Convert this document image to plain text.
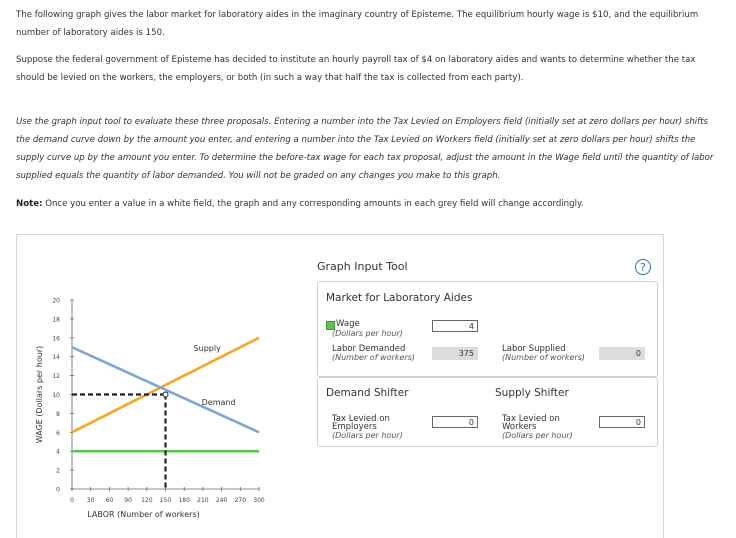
The following graph gives the labor market for laboratory aides in the imaginary country of Episteme. The equilibrium hourly wage is $10, and the equilibrium number of laboratory aides is 150.
Suppose the federal government of Episteme has decided to institute an hourly payroll tax of $4 on laboratory aides and wants to determine whether the tax should be levied on the workers, the employers, or both (in such a way that half the tax is collected from each party).
Use the graph input tool to evaluate these three proposals. Entering a number into the Tax Levied on Employers field (initially set at zero dollars per hour) shifts the demand curve down by the amount you enter, and entering a number into the Tax Levied on Workers field (initially set at zero dollars per hour) shifts the supply curve up by the amount you enter. To determine the before-tax wage for each tax proposal, adjust the amount in the Wage field until the quantity of labor supplied equals the quantity of labor demanded. You will not be graded on any changes you make to this graph.
Note: Once you enter a value in a white field, the graph and any corresponding amounts in each grey field will change accordingly.
0
2
4
6
8
10
12
14
16
18
20
0 30 60 90 120 150 180 210 240 270 300
LABOR (Number of workers)
WAGE (Dollars per hour)	Supply
Demand
Graph Input Tool	?
Market for Laboratory Aides
Wage
(Dollars per hour)
4
Labor Demanded
(Number of workers)	375	Labor Supplied
(Number of workers)	0
Demand Shifter	Supply Shifter
Tax Levied on
Employers
(Dollars per hour)
0	Tax Levied on
Workers
(Dollars per hour)
0
